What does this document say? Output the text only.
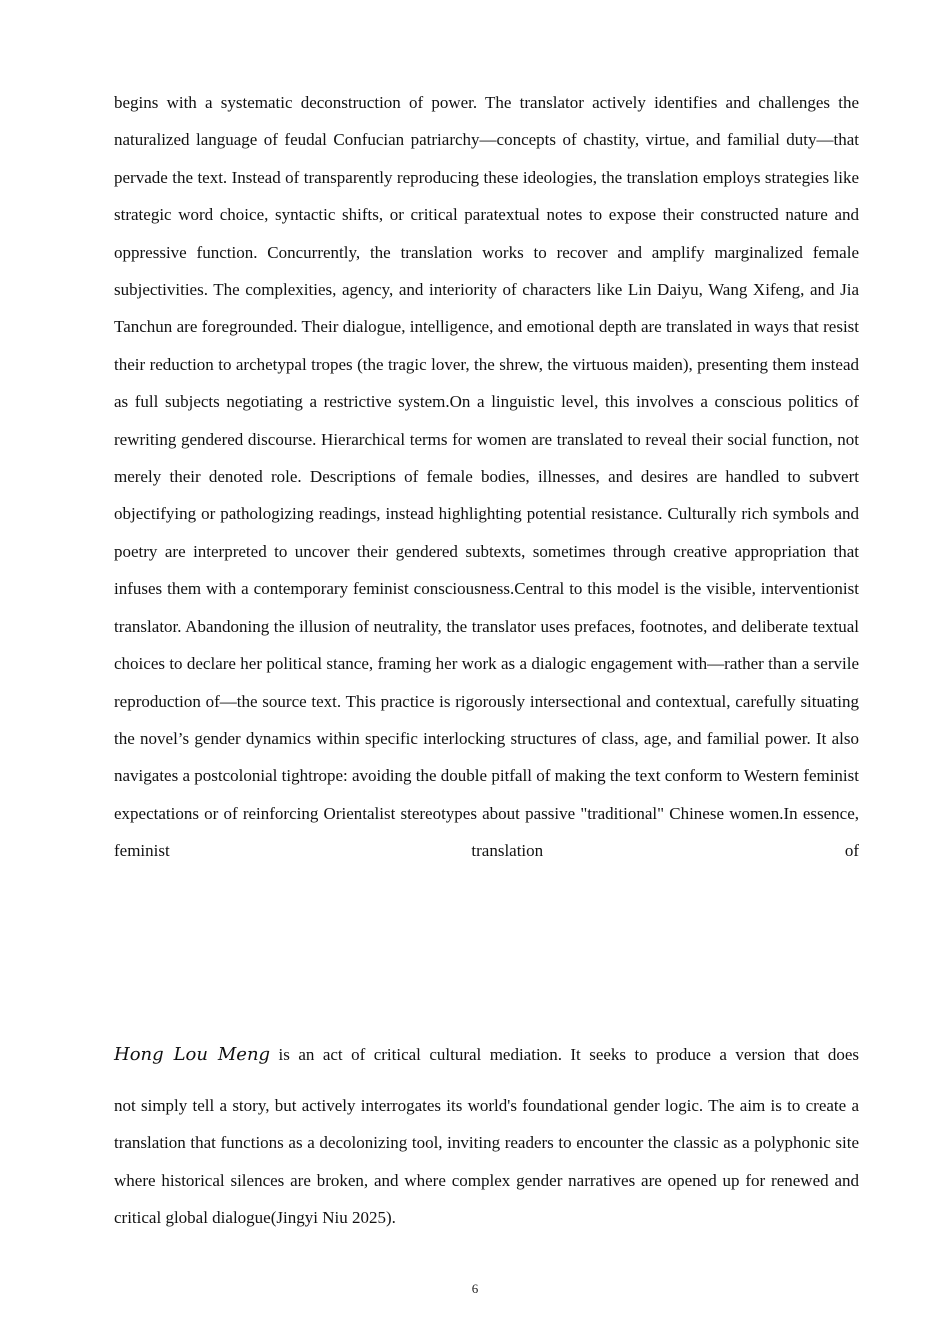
begins with a systematic deconstruction of power. The translator actively identifies and challenges the naturalized language of feudal Confucian patriarchy—concepts of chastity, virtue, and familial duty—that pervade the text. Instead of transparently reproducing these ideologies, the translation employs strategies like strategic word choice, syntactic shifts, or critical paratextual notes to expose their constructed nature and oppressive function. Concurrently, the translation works to recover and amplify marginalized female subjectivities. The complexities, agency, and interiority of characters like Lin Daiyu, Wang Xifeng, and Jia Tanchun are foregrounded. Their dialogue, intelligence, and emotional depth are translated in ways that resist their reduction to archetypal tropes (the tragic lover, the shrew, the virtuous maiden), presenting them instead as full subjects negotiating a restrictive system.On a linguistic level, this involves a conscious politics of rewriting gendered discourse. Hierarchical terms for women are translated to reveal their social function, not merely their denoted role. Descriptions of female bodies, illnesses, and desires are handled to subvert objectifying or pathologizing readings, instead highlighting potential resistance. Culturally rich symbols and poetry are interpreted to uncover their gendered subtexts, sometimes through creative appropriation that infuses them with a contemporary feminist consciousness.Central to this model is the visible, interventionist translator. Abandoning the illusion of neutrality, the translator uses prefaces, footnotes, and deliberate textual choices to declare her political stance, framing her work as a dialogic engagement with—rather than a servile reproduction of—the source text. This practice is rigorously intersectional and contextual, carefully situating the novel’s gender dynamics within specific interlocking structures of class, age, and familial power. It also navigates a postcolonial tightrope: avoiding the double pitfall of making the text conform to Western feminist expectations or of reinforcing Orientalist stereotypes about passive "traditional" Chinese women.In essence, feminist translation of

Hong Lou Meng is an act of critical cultural mediation. It seeks to produce a version that does

not simply tell a story, but actively interrogates its world's foundational gender logic. The aim is to create a translation that functions as a decolonizing tool, inviting readers to encounter the classic as a polyphonic site where historical silences are broken, and where complex gender narratives are opened up for renewed and critical global dialogue(Jingyi Niu 2025).

6
